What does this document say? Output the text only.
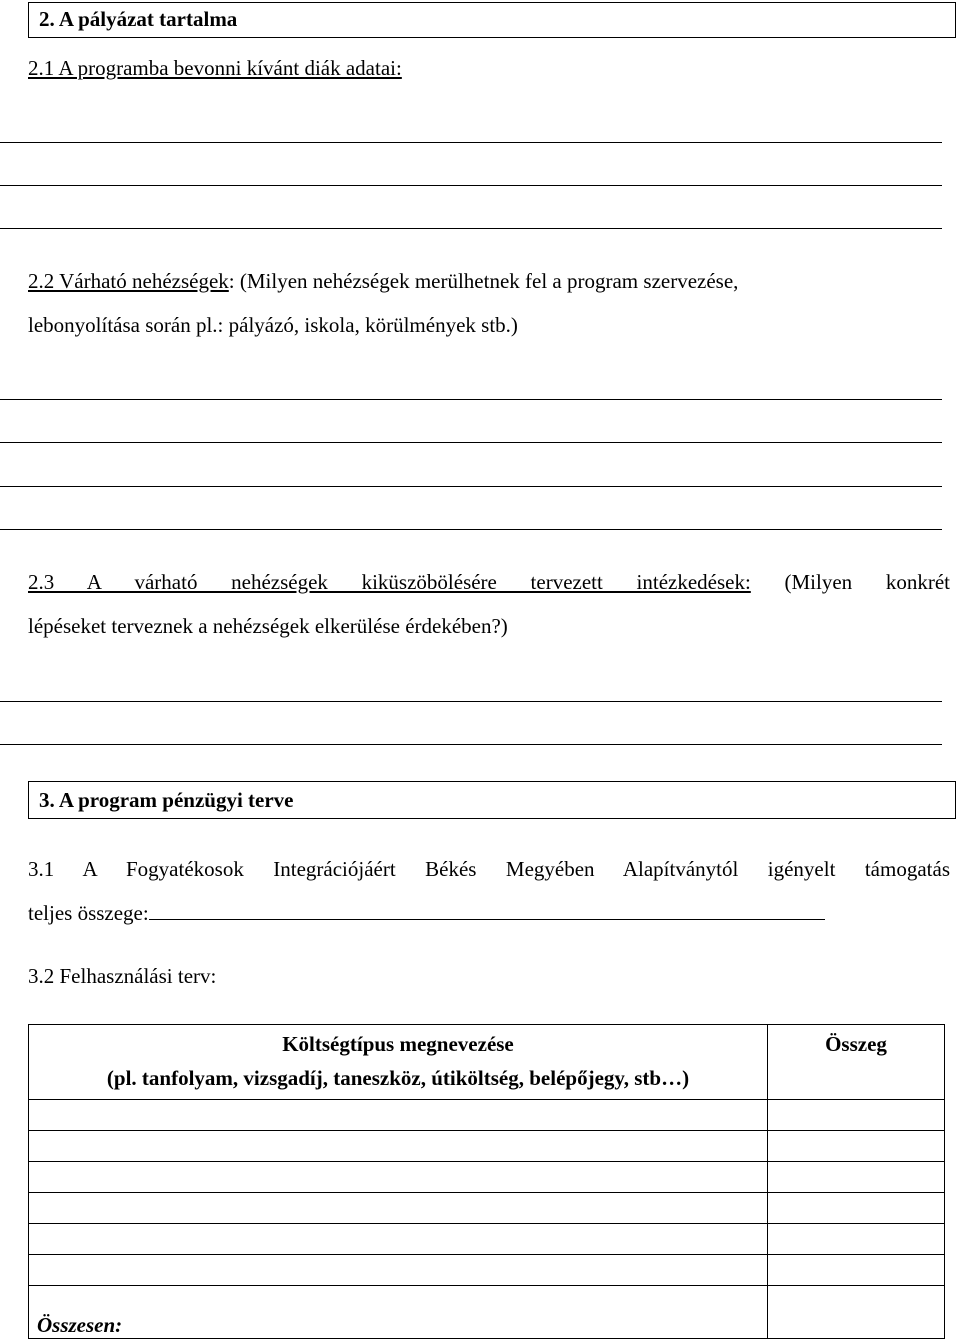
2. A pályázat tartalma
2.1 A programba bevonni kívánt diák adatai:
2.2 Várható nehézségek: (Milyen nehézségek merülhetnek fel a program szervezése,
lebonyolítása során pl.: pályázó, iskola, körülmények stb.)
2.3 A várható nehézségek kiküszöbölésére tervezett intézkedések: (Milyen konkrét
lépéseket terveznek a nehézségek elkerülése érdekében?)
3. A program pénzügyi terve
3.1 A Fogyatékosok Integrációjáért Békés Megyében Alapítványtól igényelt támogatás
teljes összege:
3.2 Felhasználási terv:
Költségtípus megnevezése
(pl. tanfolyam, vizsgadíj, taneszköz, útiköltség, belépőjegy, stb…)	Összeg

Összesen:	
